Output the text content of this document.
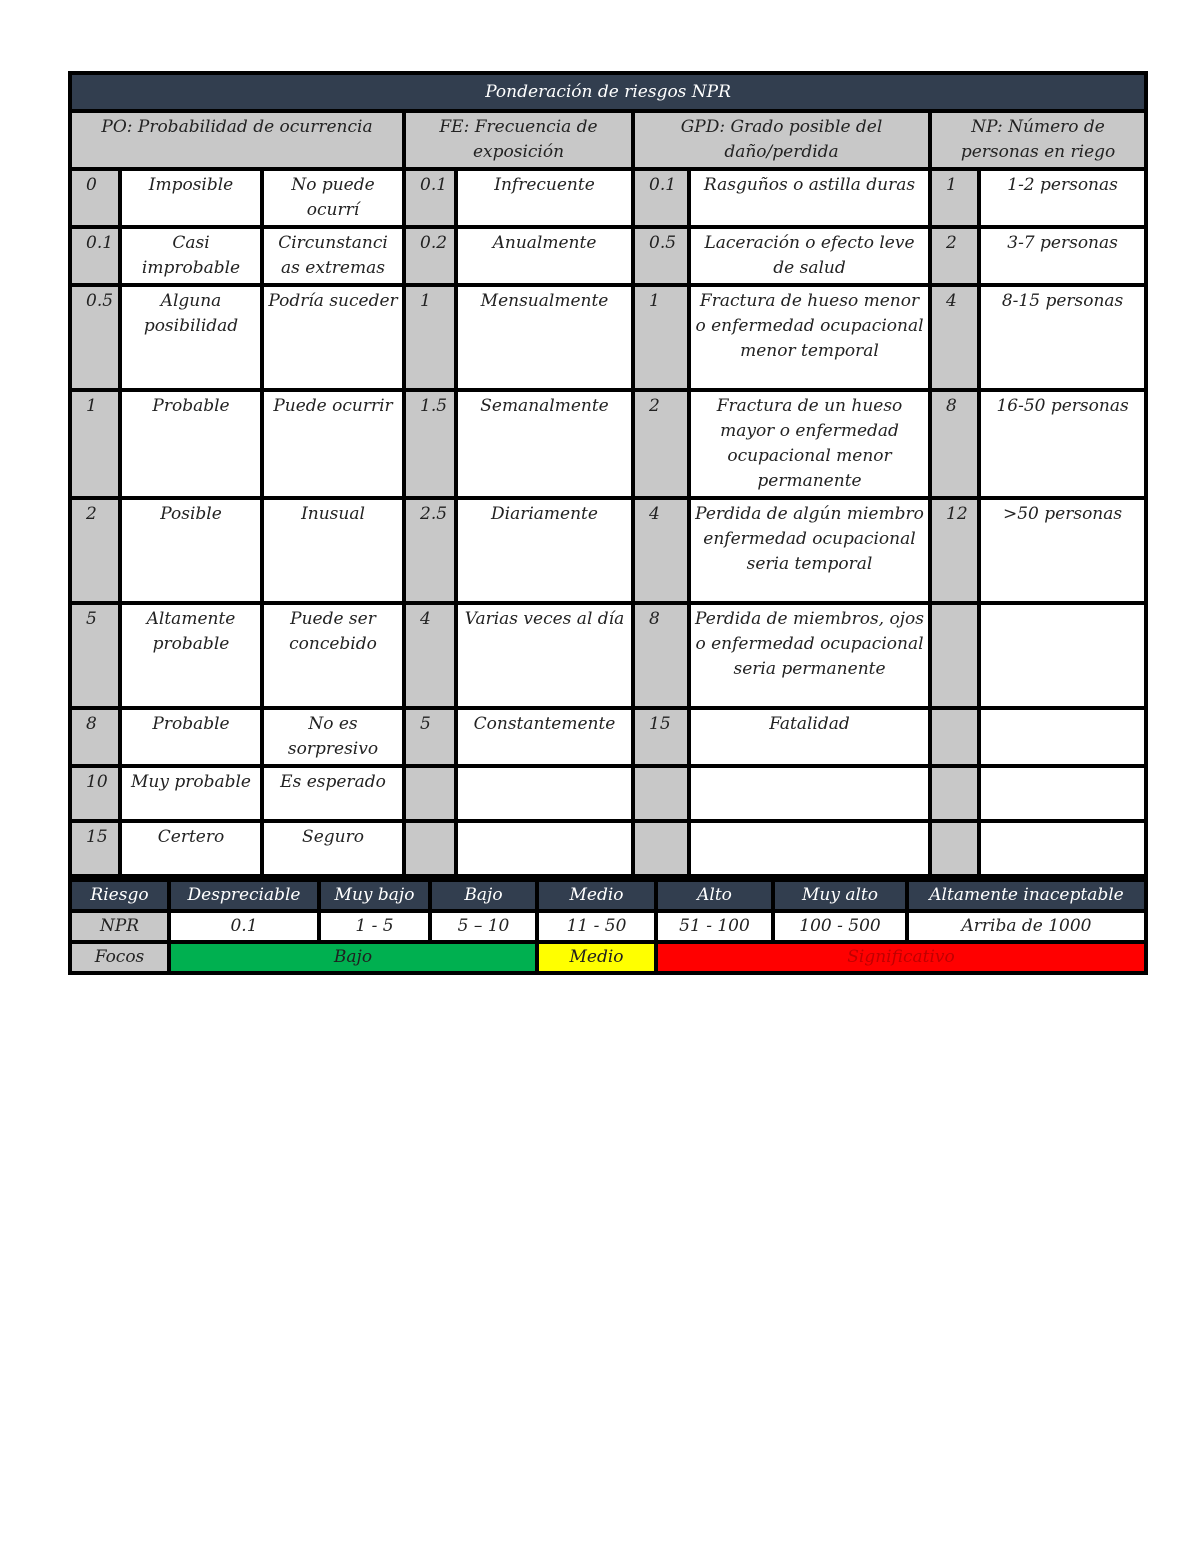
Ponderación de riesgos NPR								
PO: Probabilidad de ocurrencia			FE: Frecuencia de exposición		GPD: Grado posible del daño/perdida		NP: Número de personas en riego	
0	Imposible	No puede ocurrí	0.1	Infrecuente	0.1	Rasguños o astilla duras	1	1-2 personas
0.1	Casi improbable	Circunstanci as extremas	0.2	Anualmente	0.5	Laceración o efecto leve de salud	2	3-7 personas
0.5	Alguna posibilidad	Podría suceder	1	Mensualmente	1	Fractura de hueso menor o enfermedad ocupacional menor temporal	4	8-15 personas
1	Probable	Puede ocurrir	1.5	Semanalmente	2	Fractura de un hueso mayor o enfermedad ocupacional menor permanente	8	16-50 personas
2	Posible	Inusual	2.5	Diariamente	4	Perdida de algún miembro enfermedad ocupacional seria temporal	12	>50 personas
5	Altamente probable	Puede ser concebido	4	Varias veces al día	8	Perdida de miembros, ojos o enfermedad ocupacional seria permanente		
8	Probable	No es sorpresivo	5	Constantemente	15	Fatalidad		
10	Muy probable	Es esperado						
15	Certero	Seguro						
Riesgo	Despreciable	Muy bajo	Bajo	Medio	Alto	Muy alto	Altamente inaceptable
NPR	0.1	1 - 5	5 – 10	11 - 50	51 - 100	100 - 500	Arriba de 1000
Focos	Bajo			Medio	Significativo		
